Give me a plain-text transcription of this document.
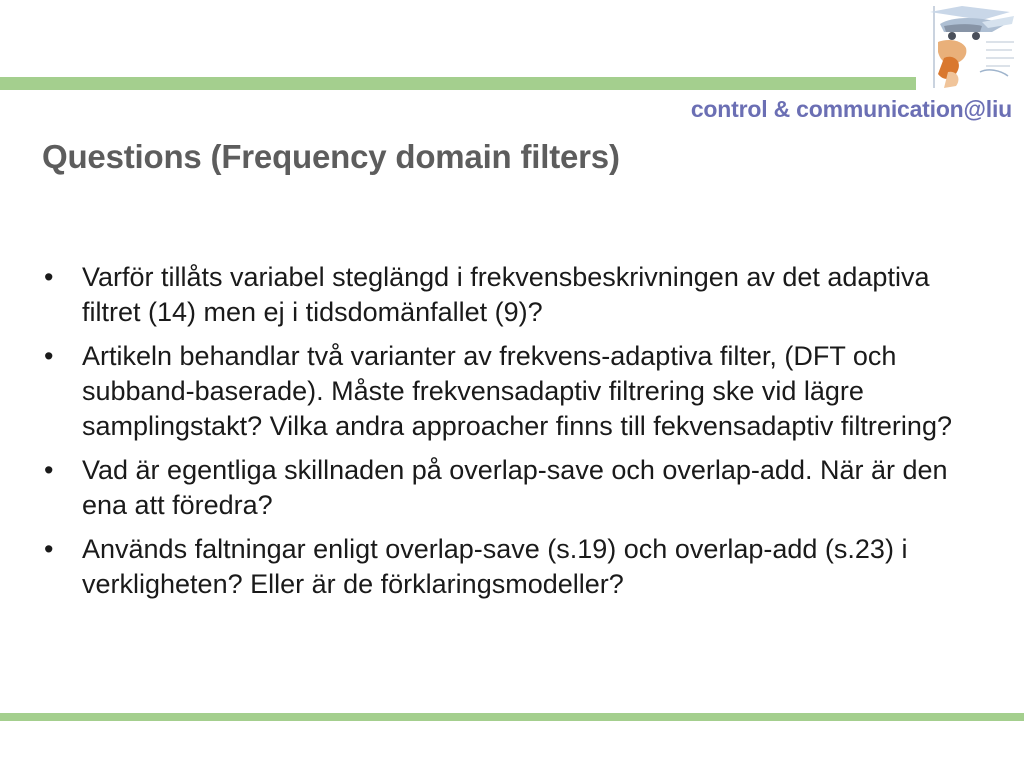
control & communication@liu
Questions (Frequency domain filters)
• Varför tillåts variabel steglängd i frekvensbeskrivningen av det adaptiva filtret (14) men ej i tidsdomänfallet (9)?
• Artikeln behandlar två varianter av frekvens-adaptiva filter, (DFT och subband-baserade). Måste frekvensadaptiv filtrering ske vid lägre samplingstakt? Vilka andra approacher finns till fekvensadaptiv filtrering?
• Vad är egentliga skillnaden på overlap-save och overlap-add. När är den ena att föredra?
• Används faltningar enligt overlap-save (s.19) och overlap-add (s.23) i verkligheten? Eller är de förklaringsmodeller?
